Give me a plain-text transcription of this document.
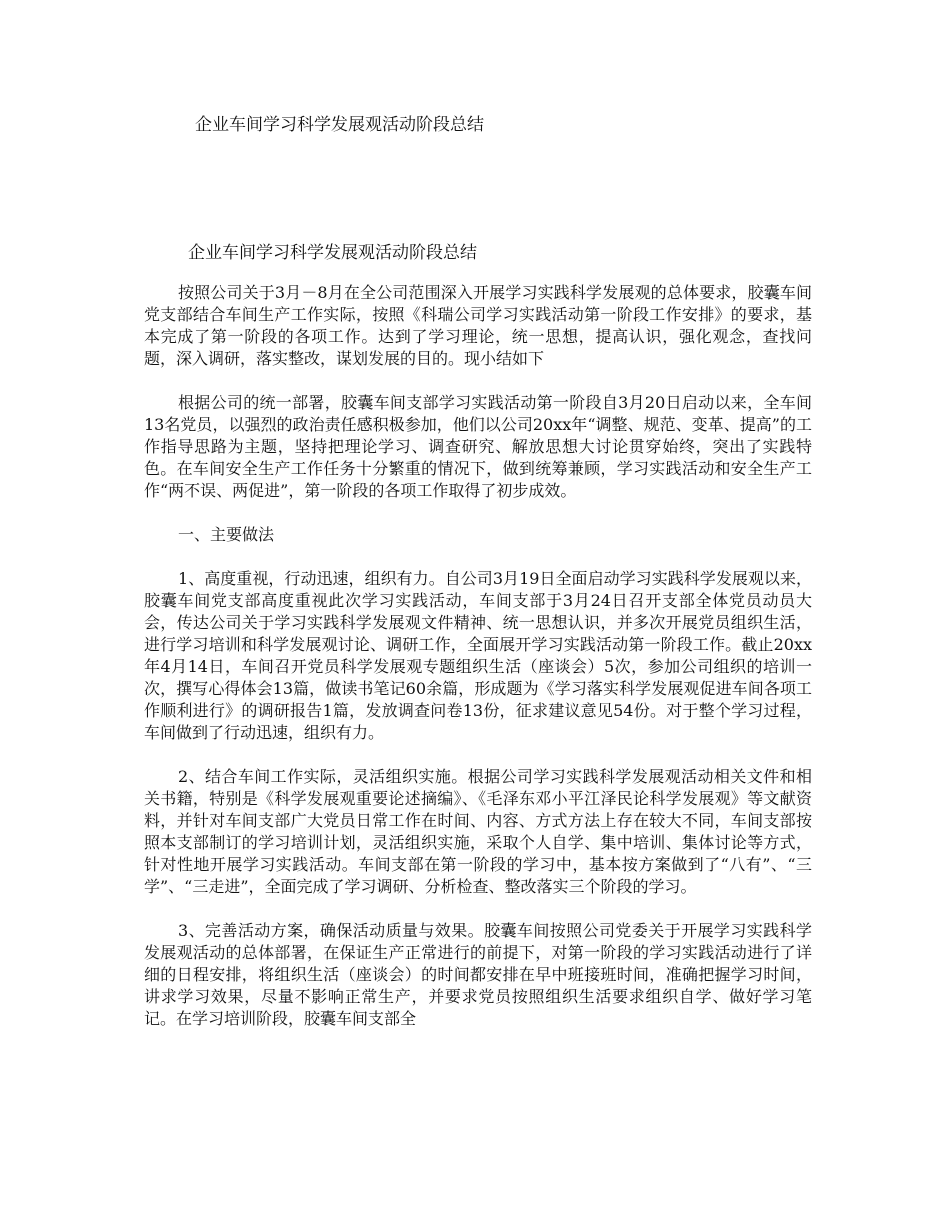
企业车间学习科学发展观活动阶段总结
企业车间学习科学发展观活动阶段总结

按照公司关于3月－8月在全公司范围深入开展学习实践科学发展观的总体要求，胶囊车间党支部结合车间生产工作实际，按照《科瑞公司学习实践活动第一阶段工作安排》的要求，基本完成了第一阶段的各项工作。达到了学习理论，统一思想，提高认识，强化观念，查找问题，深入调研，落实整改，谋划发展的目的。现小结如下

根据公司的统一部署，胶囊车间支部学习实践活动第一阶段自3月20日启动以来，全车间13名党员，以强烈的政治责任感积极参加，他们以公司20xx年“调整、规范、变革、提高”的工作指导思路为主题，坚持把理论学习、调查研究、解放思想大讨论贯穿始终，突出了实践特色。在车间安全生产工作任务十分繁重的情况下，做到统筹兼顾，学习实践活动和安全生产工作“两不误、两促进”，第一阶段的各项工作取得了初步成效。

一、主要做法

1、高度重视，行动迅速，组织有力。自公司3月19日全面启动学习实践科学发展观以来，胶囊车间党支部高度重视此次学习实践活动，车间支部于3月24日召开支部全体党员动员大会，传达公司关于学习实践科学发展观文件精神、统一思想认识，并多次开展党员组织生活，进行学习培训和科学发展观讨论、调研工作，全面展开学习实践活动第一阶段工作。截止20xx年4月14日，车间召开党员科学发展观专题组织生活（座谈会）5次，参加公司组织的培训一次，撰写心得体会13篇，做读书笔记60余篇，形成题为《学习落实科学发展观促进车间各项工作顺利进行》的调研报告1篇，发放调查问卷13份，征求建议意见54份。对于整个学习过程，车间做到了行动迅速，组织有力。

2、结合车间工作实际，灵活组织实施。根据公司学习实践科学发展观活动相关文件和相关书籍，特别是《科学发展观重要论述摘编》、《毛泽东邓小平江泽民论科学发展观》等文献资料，并针对车间支部广大党员日常工作在时间、内容、方式方法上存在较大不同，车间支部按照本支部制订的学习培训计划，灵活组织实施，采取个人自学、集中培训、集体讨论等方式，针对性地开展学习实践活动。车间支部在第一阶段的学习中，基本按方案做到了“八有”、“三学”、“三走进”，全面完成了学习调研、分析检查、整改落实三个阶段的学习。

3、完善活动方案，确保活动质量与效果。胶囊车间按照公司党委关于开展学习实践科学发展观活动的总体部署，在保证生产正常进行的前提下，对第一阶段的学习实践活动进行了详细的日程安排，将组织生活（座谈会）的时间都安排在早中班接班时间，准确把握学习时间，讲求学习效果，尽量不影响正常生产，并要求党员按照组织生活要求组织自学、做好学习笔记。在学习培训阶段，胶囊车间支部全
